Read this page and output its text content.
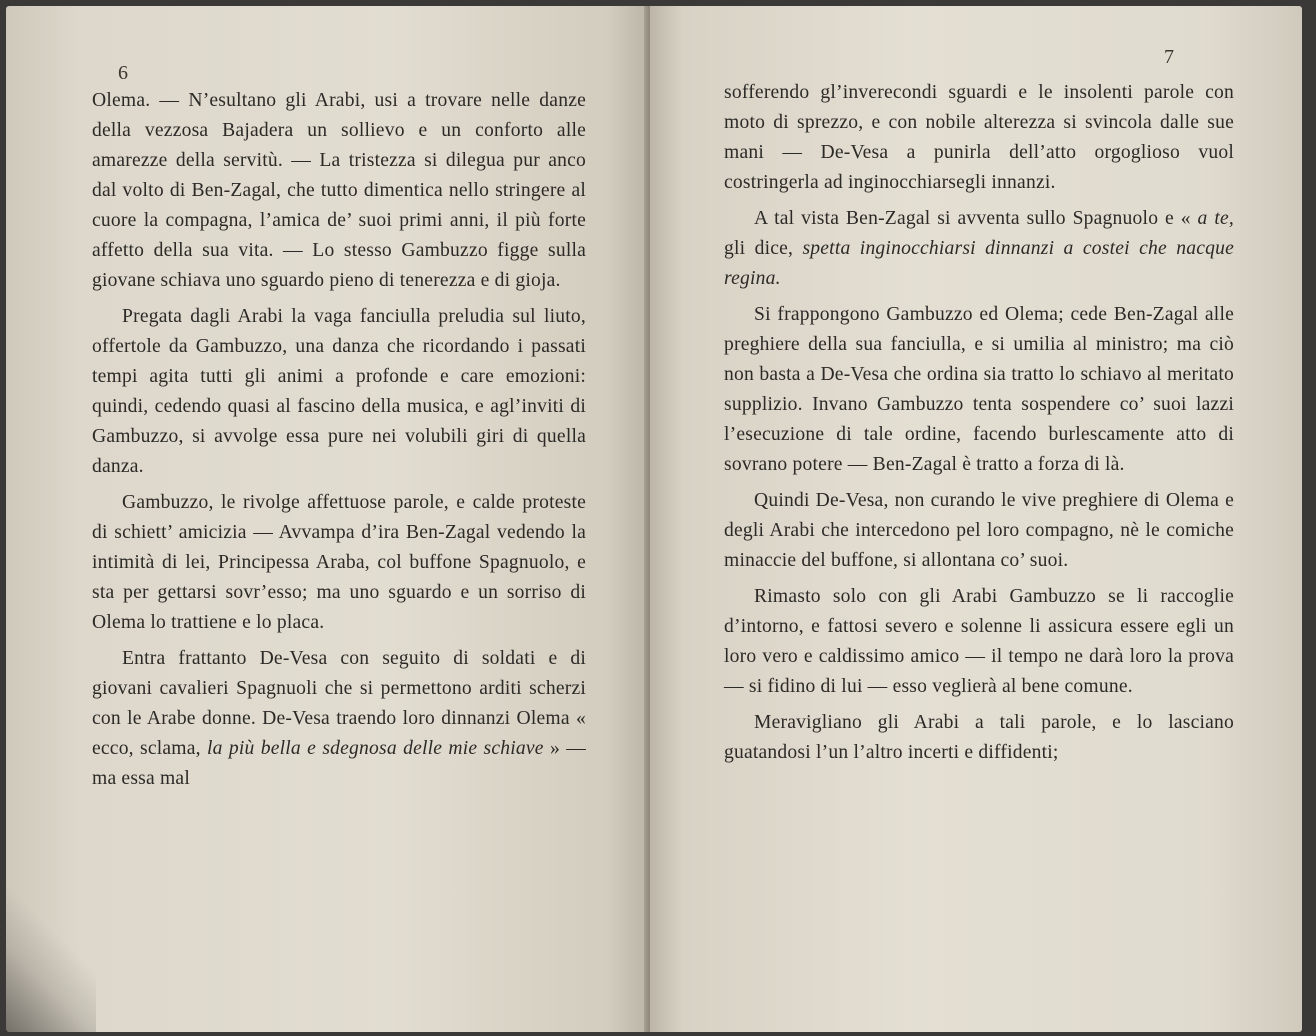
6

Olema. — N’esultano gli Arabi, usi a trovare nelle danze della vezzosa Bajadera un sollievo e un conforto alle amarezze della servitù. — La tristezza si dilegua pur anco dal volto di Ben-Zagal, che tutto dimentica nello stringere al cuore la compagna, l’amica de’ suoi primi anni, il più forte affetto della sua vita. — Lo stesso Gambuzzo figge sulla giovane schiava uno sguardo pieno di tenerezza e di gioja.

Pregata dagli Arabi la vaga fanciulla preludia sul liuto, offertole da Gambuzzo, una danza che ricordando i passati tempi agita tutti gli animi a profonde e care emozioni: quindi, cedendo quasi al fascino della musica, e agl’inviti di Gambuzzo, si avvolge essa pure nei volubili giri di quella danza.

Gambuzzo, le rivolge affettuose parole, e calde proteste di schiett’ amicizia — Avvampa d’ira Ben-Zagal vedendo la intimità di lei, Principessa Araba, col buffone Spagnuolo, e sta per gettarsi sovr’esso; ma uno sguardo e un sorriso di Olema lo trattiene e lo placa.

Entra frattanto De-Vesa con seguito di soldati e di giovani cavalieri Spagnuoli che si permettono arditi scherzi con le Arabe donne. De-Vesa traendo loro dinnanzi Olema « ecco, sclama, la più bella e sdegnosa delle mie schiave » — ma essa mal

7

sofferendo gl’inverecondi sguardi e le insolenti parole con moto di sprezzo, e con nobile alterezza si svincola dalle sue mani — De-Vesa a punirla dell’atto orgoglioso vuol costringerla ad inginocchiarsegli innanzi.

A tal vista Ben-Zagal si avventa sullo Spagnuolo e « a te, gli dice, spetta inginocchiarsi dinnanzi a costei che nacque regina.

Si frappongono Gambuzzo ed Olema; cede Ben-Zagal alle preghiere della sua fanciulla, e si umilia al ministro; ma ciò non basta a De-Vesa che ordina sia tratto lo schiavo al meritato supplizio. Invano Gambuzzo tenta sospendere co’ suoi lazzi l’esecuzione di tale ordine, facendo burlescamente atto di sovrano potere — Ben-Zagal è tratto a forza di là.

Quindi De-Vesa, non curando le vive preghiere di Olema e degli Arabi che intercedono pel loro compagno, nè le comiche minaccie del buffone, si allontana co’ suoi.

Rimasto solo con gli Arabi Gambuzzo se li raccoglie d’intorno, e fattosi severo e solenne li assicura essere egli un loro vero e caldissimo amico — il tempo ne darà loro la prova — si fidino di lui — esso veglierà al bene comune.

Meravigliano gli Arabi a tali parole, e lo lasciano guatandosi l’un l’altro incerti e diffidenti;
